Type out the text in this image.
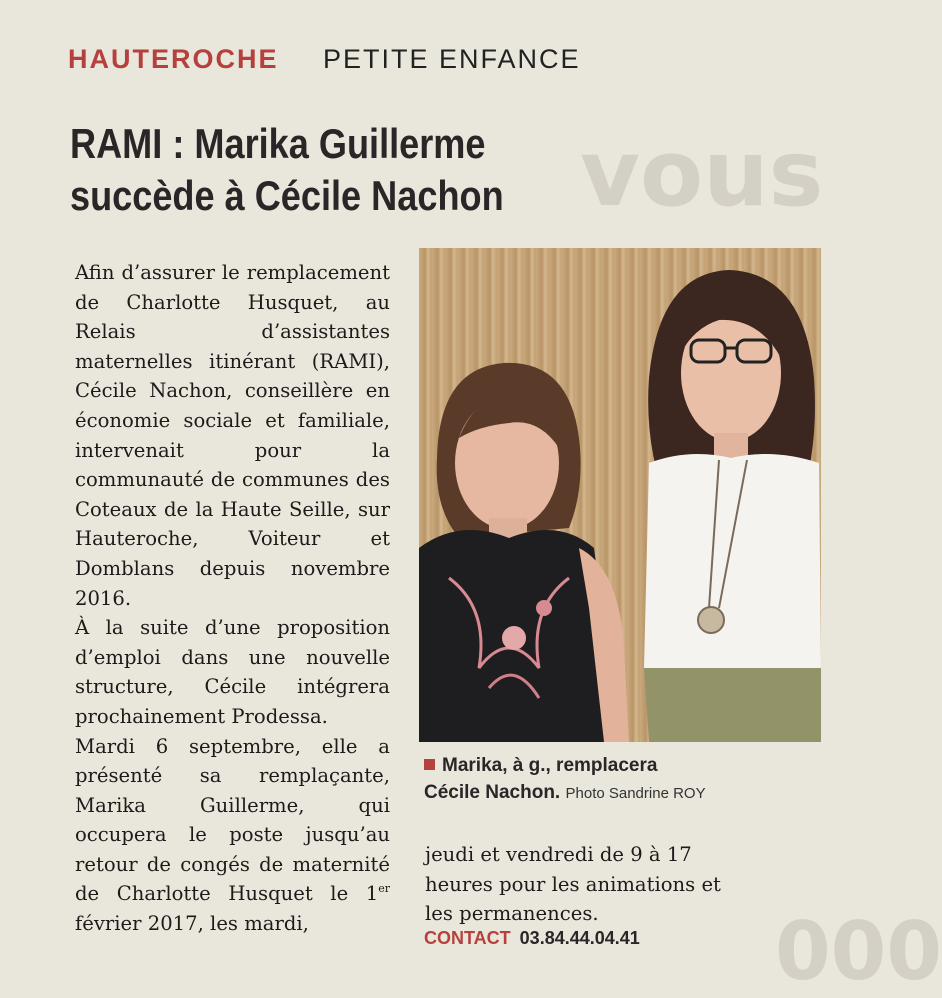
vous
000
HAUTEROCHE PETITE ENFANCE
RAMI : Marika Guillerme
succède à Cécile Nachon

Afin d’assurer le remplacement de Charlotte Husquet, au Relais d’assistantes maternelles itinérant (RAMI), Cécile Nachon, conseillère en économie sociale et familiale, intervenait pour la communauté de communes des Coteaux de la Haute Seille, sur Hauteroche, Voiteur et Domblans depuis novembre 2016.

À la suite d’une proposition d’emploi dans une nouvelle structure, Cécile intégrera prochainement Prodessa.

Mardi 6 septembre, elle a présenté sa remplaçante, Marika Guillerme, qui occupera le poste jusqu’au retour de congés de maternité de Charlotte Husquet le 1er février 2017, les mardi,

Marika, à g., remplacera
Cécile Nachon. Photo Sandrine ROY

jeudi et vendredi de 9 à 17 heures pour les animations et les permanences.

CONTACT 03.84.44.04.41
